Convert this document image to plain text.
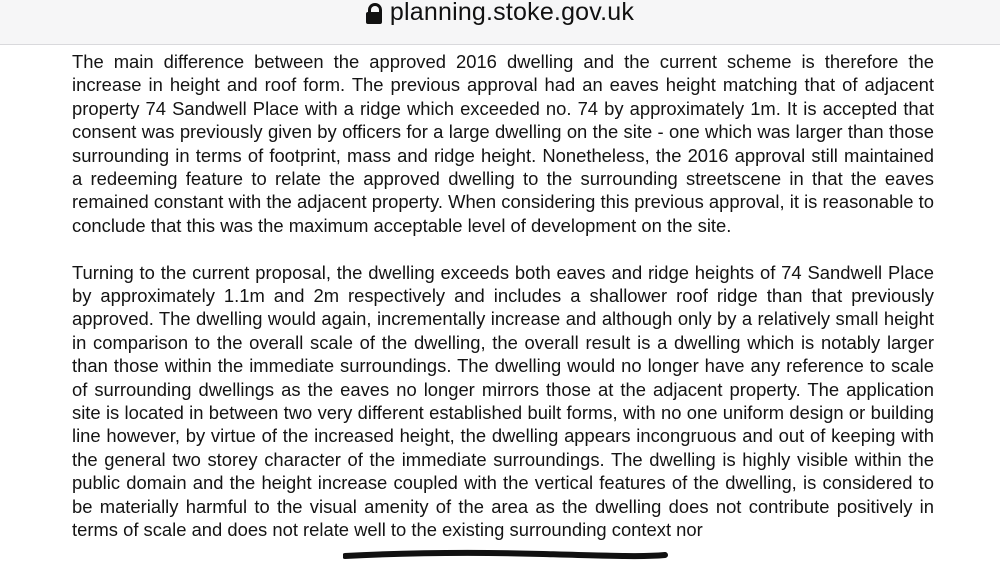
planning.stoke.gov.uk

The main difference between the approved 2016 dwelling and the current scheme is therefore the increase in height and roof form. The previous approval had an eaves height matching that of adjacent property 74 Sandwell Place with a ridge which exceeded no. 74 by approximately 1m. It is accepted that consent was previously given by officers for a large dwelling on the site - one which was larger than those surrounding in terms of footprint, mass and ridge height. Nonetheless, the 2016 approval still maintained a redeeming feature to relate the approved dwelling to the surrounding streetscene in that the eaves remained constant with the adjacent property. When considering this previous approval, it is reasonable to conclude that this was the maximum acceptable level of development on the site.

Turning to the current proposal, the dwelling exceeds both eaves and ridge heights of 74 Sandwell Place by approximately 1.1m and 2m respectively and includes a shallower roof ridge than that previously approved. The dwelling would again, incrementally increase and although only by a relatively small height in comparison to the overall scale of the dwelling, the overall result is a dwelling which is notably larger than those within the immediate surroundings. The dwelling would no longer have any reference to scale of surrounding dwellings as the eaves no longer mirrors those at the adjacent property. The application site is located in between two very different established built forms, with no one uniform design or building line however, by virtue of the increased height, the dwelling appears incongruous and out of keeping with the general two storey character of the immediate surroundings. The dwelling is highly visible within the public domain and the height increase coupled with the vertical features of the dwelling, is considered to be materially harmful to the visual amenity of the area as the dwelling does not contribute positively in terms of scale and does not relate well to the existing surrounding context nor
